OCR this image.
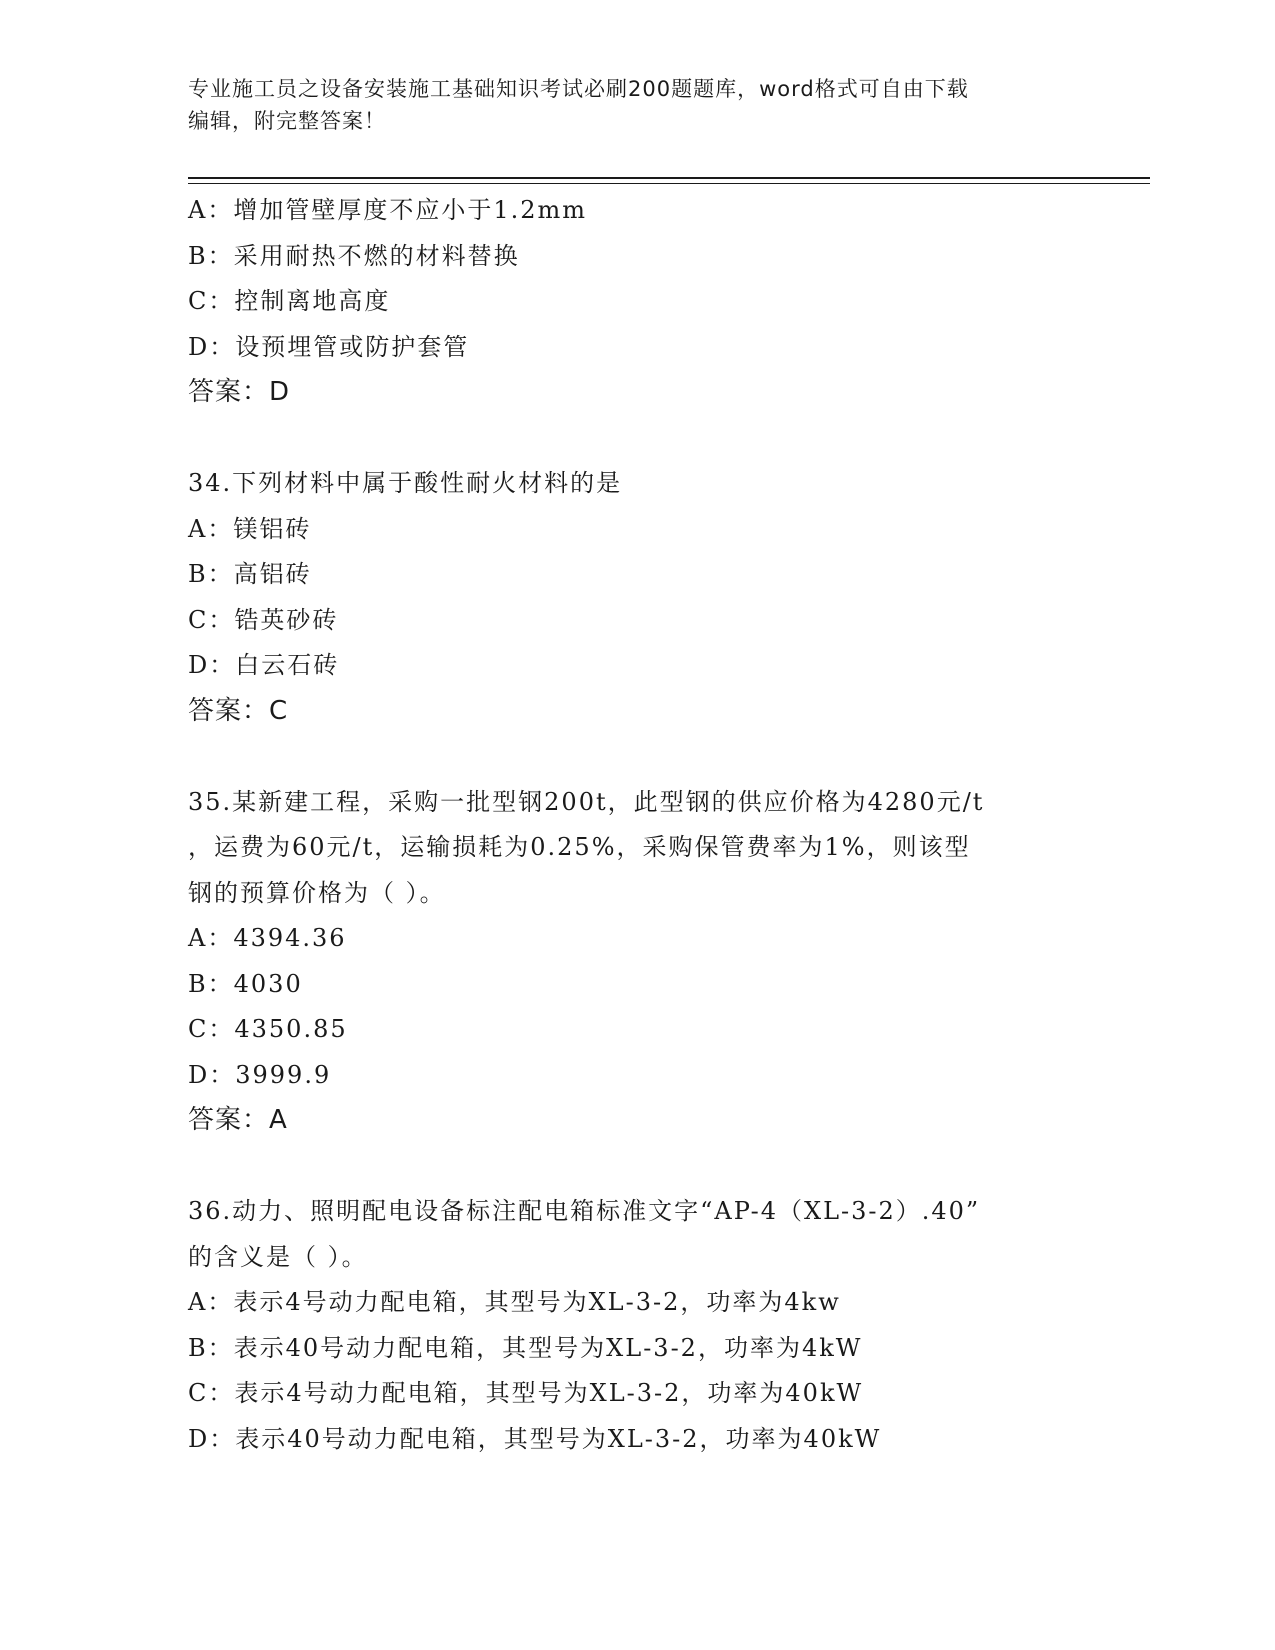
专业施工员之设备安装施工基础知识考试必刷200题题库，word格式可自由下载
编辑，附完整答案！
A：增加管壁厚度不应小于1.2mm
B：采用耐热不燃的材料替换
C：控制离地高度
D：设预埋管或防护套管
答案：D
34.下列材料中属于酸性耐火材料的是
A：镁铝砖
B：高铝砖
C：锆英砂砖
D：白云石砖
答案：C
35.某新建工程，采购一批型钢200t，此型钢的供应价格为4280元/t
，运费为60元/t，运输损耗为0.25%，采购保管费率为1%，则该型
钢的预算价格为（ ）。
A：4394.36
B：4030
C：4350.85
D：3999.9
答案：A
36.动力、照明配电设备标注配电箱标准文字“AP-4（XL-3-2）.40”
的含义是（ ）。
A：表示4号动力配电箱，其型号为XL-3-2，功率为4kw
B：表示40号动力配电箱，其型号为XL-3-2，功率为4kW
C：表示4号动力配电箱，其型号为XL-3-2，功率为40kW
D：表示40号动力配电箱，其型号为XL-3-2，功率为40kW
